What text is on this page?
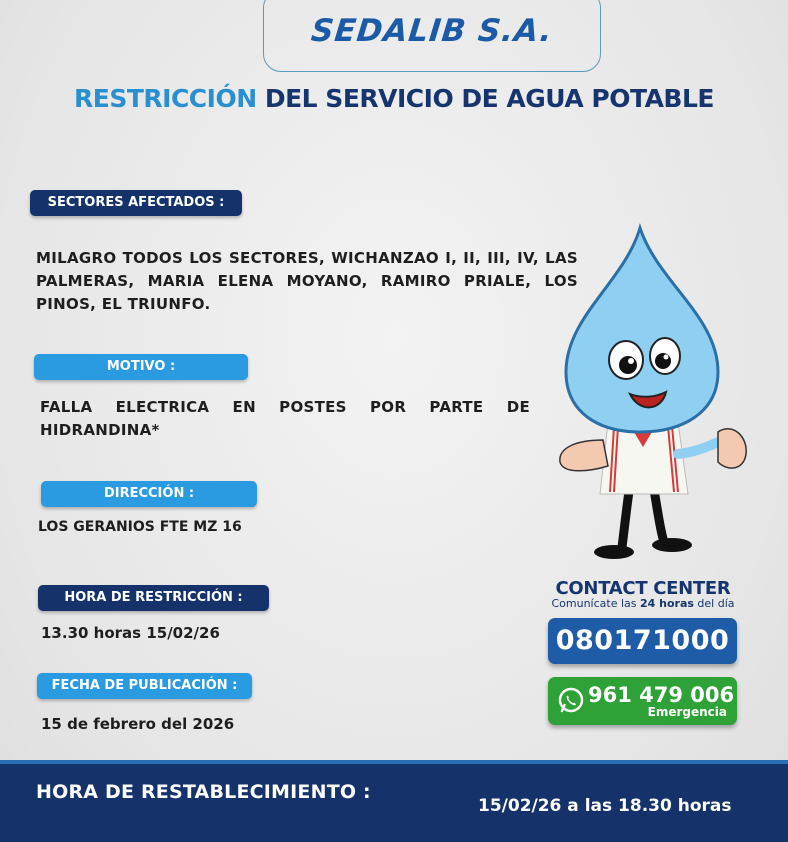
SEDALIB S.A.
RESTRICCIÓN DEL SERVICIO DE AGUA POTABLE
SECTORES AFECTADOS :
MILAGRO TODOS LOS SECTORES, WICHANZAO I, II, III, IV, LAS
PALMERAS, MARIA ELENA MOYANO, RAMIRO PRIALE, LOS
PINOS, EL TRIUNFO.
MOTIVO :
FALLA ELECTRICA EN POSTES POR PARTE DE
HIDRANDINA*
DIRECCIÓN :
LOS GERANIOS FTE MZ 16
HORA DE RESTRICCIÓN :
13.30 horas 15/02/26
FECHA DE PUBLICACIÓN :
15 de febrero del 2026
CONTACT CENTER
Comunícate las 24 horas del día
080171000
961 479 006
Emergencia
HORA DE RESTABLECIMIENTO :
15/02/26 a las 18.30 horas
